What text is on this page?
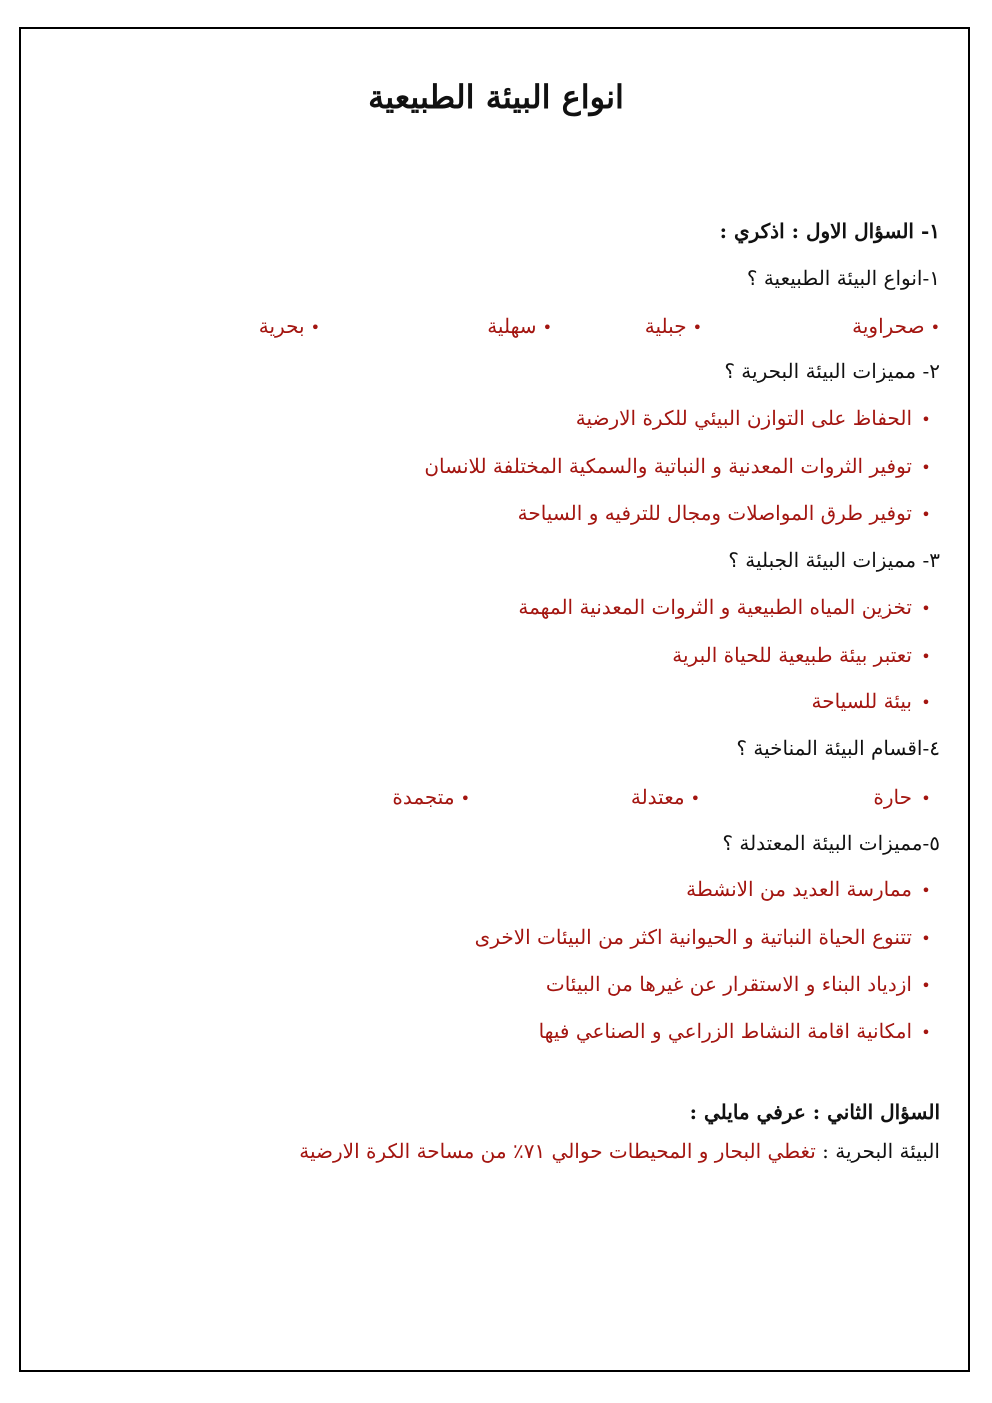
انواع البيئة الطبيعية
١- السؤال الاول : اذكري :
١-انواع البيئة الطبيعية ؟
•صحراوية
•جبلية
•سهلية
•بحرية
٢- مميزات البيئة البحرية ؟
•الحفاظ على التوازن البيئي للكرة الارضية
•توفير الثروات المعدنية و النباتية والسمكية المختلفة للانسان
•توفير طرق المواصلات ومجال للترفيه و السياحة
٣- مميزات البيئة الجبلية ؟
•تخزين المياه الطبيعية و الثروات المعدنية المهمة
•تعتبر بيئة طبيعية للحياة البرية
•بيئة للسياحة
٤-اقسام البيئة المناخية ؟
•حارة
•معتدلة
•متجمدة
٥-مميزات البيئة المعتدلة ؟
•ممارسة العديد من الانشطة
•تتنوع الحياة النباتية و الحيوانية اكثر من البيئات الاخرى
•ازدياد البناء و الاستقرار عن غيرها من البيئات
•امكانية اقامة النشاط الزراعي و الصناعي فيها
السؤال الثاني : عرفي مايلي :
البيئة البحرية : تغطي البحار و المحيطات حوالي ٧١٪ من مساحة الكرة الارضية
